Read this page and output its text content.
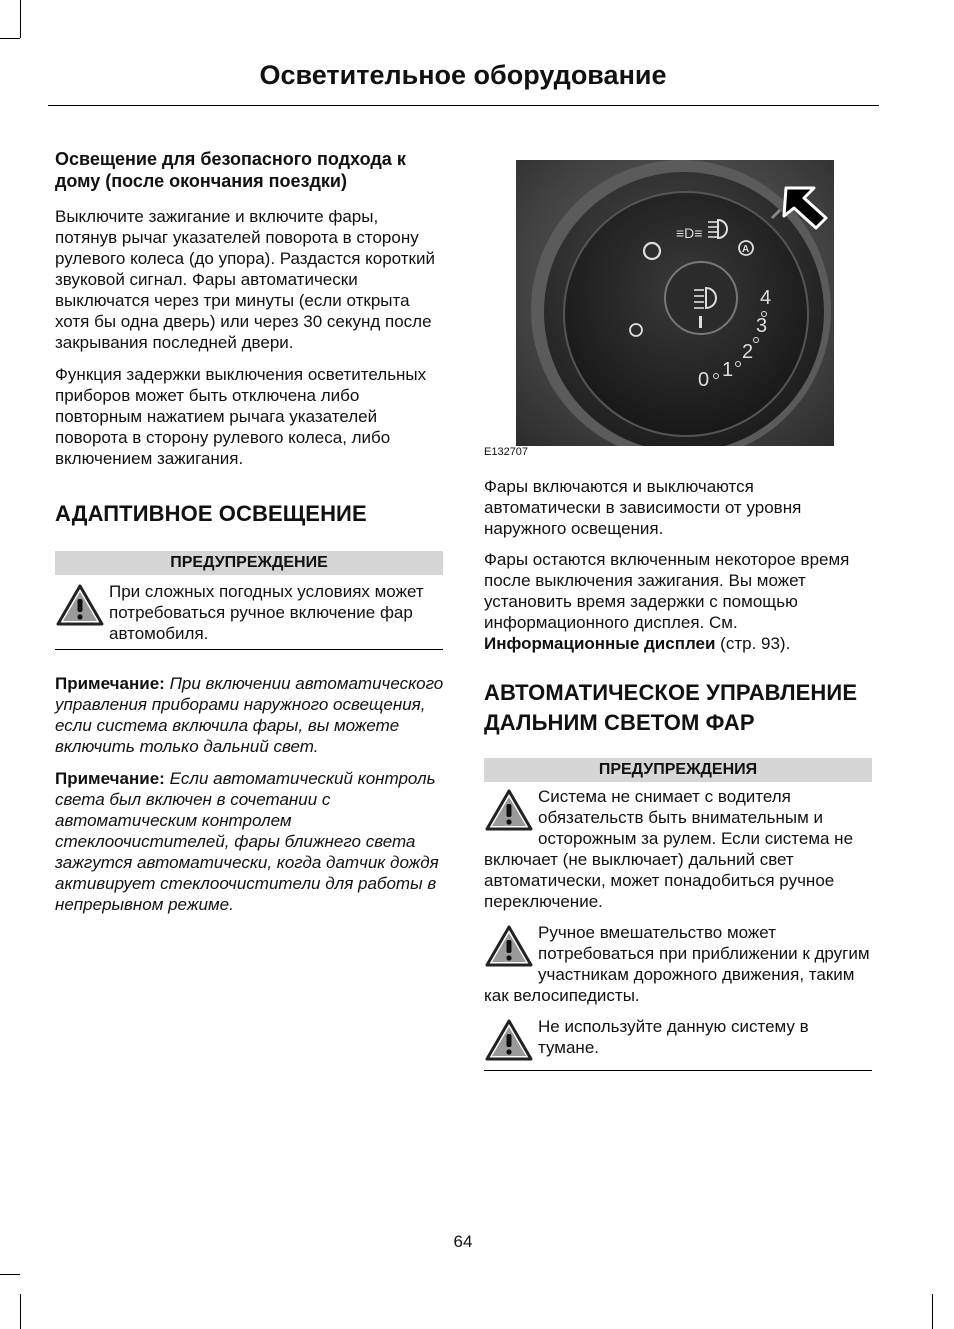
Осветительное оборудование

Освещение для безопасного подхода к дому (после окончания поездки)

Выключите зажигание и включите фары, потянув рычаг указателей поворота в сторону рулевого колеса (до упора). Раздастся короткий звуковой сигнал. Фары автоматически выключатся через три минуты (если открыта хотя бы одна дверь) или через 30 секунд после закрывания последней двери.

Функция задержки выключения осветительных приборов может быть отключена либо повторным нажатием рычага указателей поворота в сторону рулевого колеса, либо включением зажигания.

АДАПТИВНОЕ ОСВЕЩЕНИЕ

ПРЕДУПРЕЖДЕНИЕ
При сложных погодных условиях может потребоваться ручное включение фар автомобиля.

Примечание: При включении автоматического управления приборами наружного освещения, если система включила фары, вы можете включить только дальний свет.

Примечание: Если автоматический контроль света был включен в сочетании с автоматическим контролем стеклоочистителей, фары ближнего света зажгутся автоматически, когда датчик дождя активирует стеклоочистители для работы в непрерывном режиме.

≡D≡
A
0 1
2
3
4
E132707

Фары включаются и выключаются автоматически в зависимости от уровня наружного освещения.

Фары остаются включенным некоторое время после выключения зажигания. Вы может установить время задержки с помощью информационного дисплея. См. Информационные дисплеи (стр. 93).

АВТОМАТИЧЕСКОЕ УПРАВЛЕНИЕ ДАЛЬНИМ СВЕТОМ ФАР

ПРЕДУПРЕЖДЕНИЯ
Система не снимает с водителя обязательств быть внимательным и осторожным за рулем. Если система не включает (не выключает) дальний свет автоматически, может понадобиться ручное переключение.
Ручное вмешательство может потребоваться при приближении к другим участникам дорожного движения, таким как велосипедисты.
Не используйте данную систему в тумане.
64
